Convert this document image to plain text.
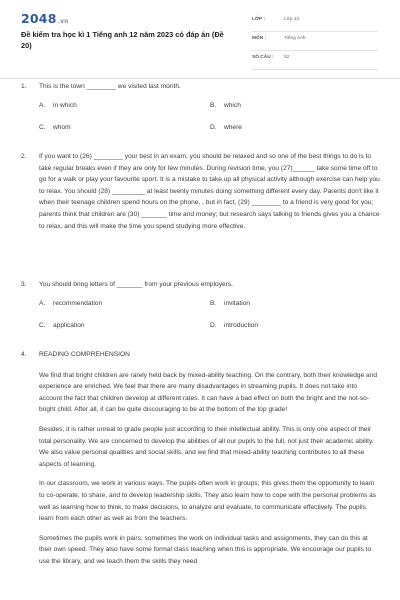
2048.vn
Đề kiểm tra học kì 1 Tiếng anh 12 năm 2023 có đáp án (Đề 20)
LỚP :	Lớp 12
MÔN :	Tiếng Anh
SỐ CÂU : 52
1. This is the town ________ we visited last month.
A. in which	B. which
C. whom	D. where
2. If you want to (26) ________ your best in an exam, you should be relaxed and so one of the best things to do is to take regular breaks even if they are only for few minutes. During revision time, you (27)______ take some time off to go for a walk or play your favourite sport. It is a mistake to take up all physical activity although exercise can help you to relax. You should (28) _________ at least twenty minutes doing something different every day. Parents don't like it when their teenage children spend hours on the phone, , but in fact, (29) ________ to a friend is very good for you; parents think that children are (30) _______ time and money; but research says talking to friends gives you a chance to relax, and this will make the time you spend studying more effective.
3. You should bring letters of _______ from your previous employers.
A. recommendation	B. invitation
C. application	D. introduction
4. READING COMPREHENSION
We find that bright children are rarely held back by mixed-ability teaching. On the contrary, both their knowledge and experience are enriched. We feel that there are many disadvantages in streaming pupils. It does not take into account the fact that children develop at different rates. It can have a bad effect on both the bright and the not-so-bright child. After all, it can be quite discouraging to be at the bottom of the top grade!
Besides, it is rather unreal to grade people just according to their intellectual ability. This is only one aspect of their total personality. We are concerned to develop the abilities of all our pupils to the full, not just their academic ability. We also value personal qualities and social skills, and we find that mixed-ability teaching contributes to all these aspects of learning.
In our classroom, we work in various ways. The pupils often work in groups; this gives them the opportunity to learn to co-operate, to share, and to develop leadership skills. They also learn how to cope with the personal problems as well as learning how to think, to make decisions, to analyze and evaluate, to communicate effectively. The pupils learn from each other as well as from the teachers.
Sometimes the pupils work in pairs; sometimes the work on individual tasks and assignments, they can do this at their own speed. They also have some formal class teaching when this is appropriate. We encourage our pupils to use the library, and we teach them the skills they need
